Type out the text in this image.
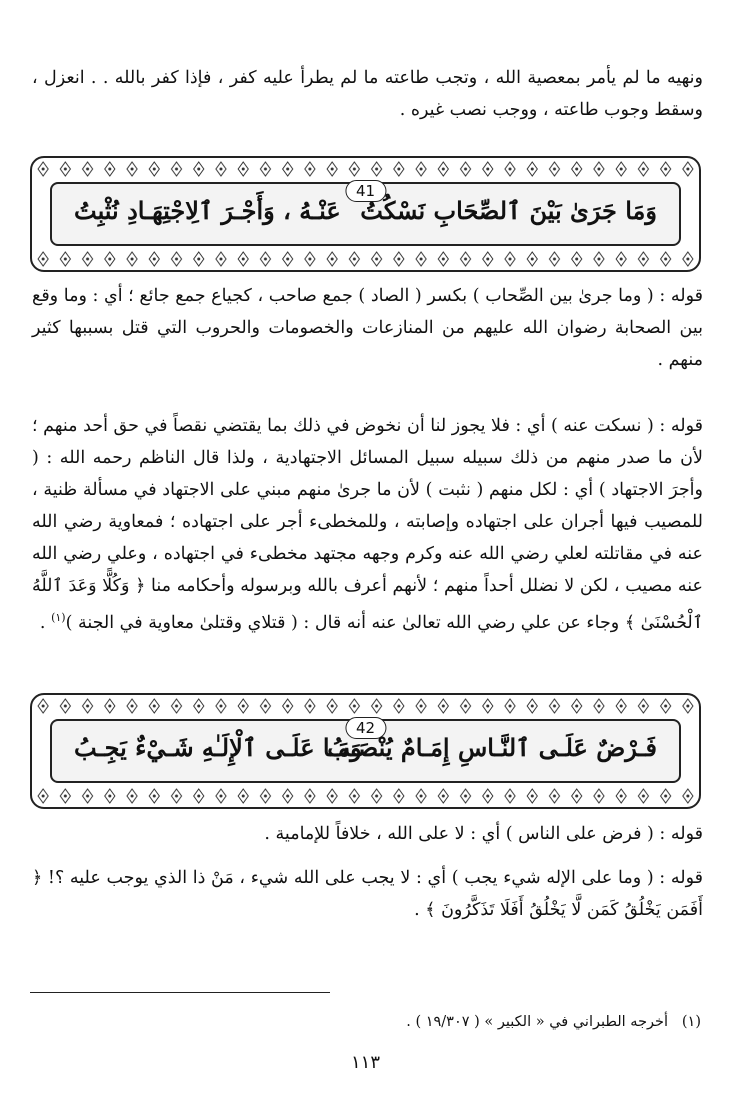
ونهيه ما لم يأمر بمعصية الله ، وتجب طاعته ما لم يطرأ عليه كفر ، فإذا كفر بالله . . انعزل ، وسقط وجوب طاعته ، ووجب نصب غيره .

41
وَمَا جَرَىٰ بَيْنَ ٱلصِّحَابِ نَسْكُتُ
عَنْـهُ ، وَأَجْـرَ ٱلِاجْتِهَـادِ نُثْبِتُ

قوله : ( وما جرىٰ بين الصِّحاب ) بكسر ( الصاد ) جمع صاحب ، كجياع جمع جائع ؛ أي : وما وقع بين الصحابة رضوان الله عليهم من المنازعات والخصومات والحروب التي قتل بسببها كثير منهم .

قوله : ( نسكت عنه ) أي : فلا يجوز لنا أن نخوض في ذلك بما يقتضي نقصاً في حق أحد منهم ؛ لأن ما صدر منهم من ذلك سبيله سبيل المسائل الاجتهادية ، ولذا قال الناظم رحمه الله : ( وأجرَ الاجتهاد ) أي : لكل منهم ( نثبت ) لأن ما جرىٰ منهم مبني على الاجتهاد في مسألة ظنية ، للمصيب فيها أجران على اجتهاده وإصابته ، وللمخطىء أجر على اجتهاده ؛ فمعاوية رضي الله عنه في مقاتلته لعلي رضي الله عنه وكرم وجهه مجتهد مخطىء في اجتهاده ، وعلي رضي الله عنه مصيب ، لكن لا نضلل أحداً منهم ؛ لأنهم أعرف بالله وبرسوله وأحكامه منا ﴿ وَكُلًّا وَعَدَ ٱللَّهُ ٱلْحُسْنَىٰ ﴾ وجاء عن علي رضي الله تعالىٰ عنه أنه قال : ( قتلاي وقتلىٰ معاوية في الجنة )$^{(١)}$ .

42
فَـرْضٌ عَلَـى ٱلنَّـاسِ إِمَـامٌ يُنْصَـبُ
وَمَـا عَلَـى ٱلْإِلَـٰهِ شَـيْءٌ يَجِـبُ

قوله : ( فرض على الناس ) أي : لا على الله ، خلافاً للإمامية .

قوله : ( وما على الإله شيء يجب ) أي : لا يجب على الله شيء ، مَنْ ذا الذي يوجب عليه ؟! ﴿ أَفَمَن يَخْلُقُ كَمَن لَّا يَخْلُقُ أَفَلَا تَذَكَّرُونَ ﴾ .

(١)   أخرجه الطبراني في « الكبير » ( ١٩/٣٠٧ ) .
١١٣
